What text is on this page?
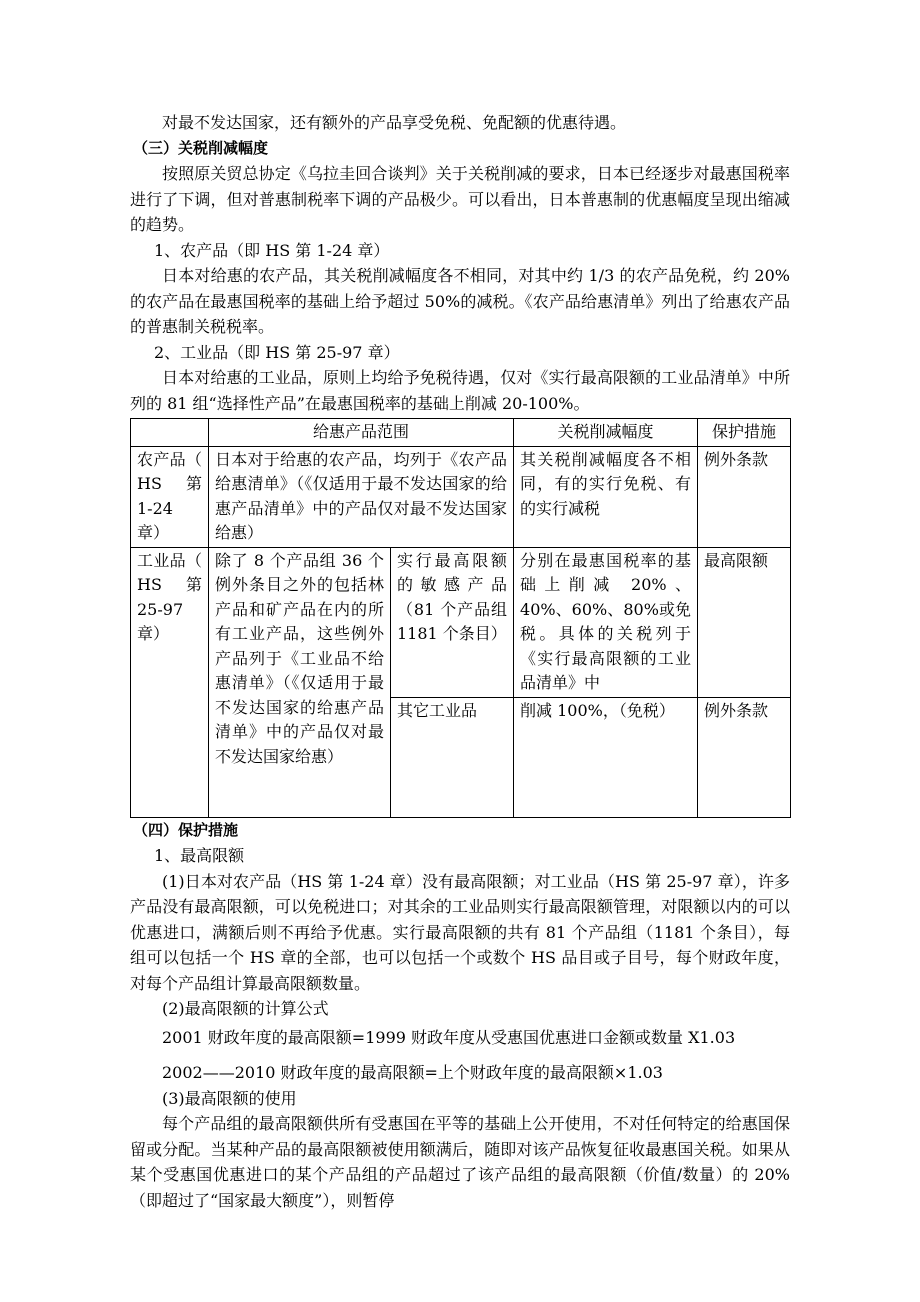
对最不发达国家，还有额外的产品享受免税、免配额的优惠待遇。

（三）关税削减幅度

按照原关贸总协定《乌拉圭回合谈判》关于关税削减的要求，日本已经逐步对最惠国税率进行了下调，但对普惠制税率下调的产品极少。可以看出，日本普惠制的优惠幅度呈现出缩减的趋势。

1、农产品（即 HS 第 1-24 章）

日本对给惠的农产品，其关税削减幅度各不相同，对其中约 1/3 的农产品免税，约 20%的农产品在最惠国税率的基础上给予超过 50%的减税。《农产品给惠清单》列出了给惠农产品的普惠制关税税率。

2、工业品（即 HS 第 25-97 章）

日本对给惠的工业品，原则上均给予免税待遇，仅对《实行最高限额的工业品清单》中所列的 81 组“选择性产品”在最惠国税率的基础上削减 20-100%。

	给惠产品范围		关税削减幅度	保护措施
农产品（ HS 第 1-24 章）	日本对于给惠的农产品，均列于《农产品给惠清单》（《仅适用于最不发达国家的给惠产品清单》中的产品仅对最不发达国家给惠）		其关税削减幅度各不相同，有的实行免税、有的实行减税	例外条款
工业品（ HS 第 25-97 章）	除了 8 个产品组 36 个例外条目之外的包括林产品和矿产品在内的所有工业产品，这些例外产品列于《工业品不给惠清单》（《仅适用于最不发达国家的给惠产品清单》中的产品仅对最不发达国家给惠）	实行最高限额的敏感产品（81 个产品组 1181 个条目）	分别在最惠国税率的基础上削减 20%、40%、60%、80%或免税。具体的关税列于《实行最高限额的工业品清单》中	最高限额
		其它工业品	削减 100%，（免税）	例外条款

（四）保护措施

1、最高限额

(1)日本对农产品（HS 第 1-24 章）没有最高限额；对工业品（HS 第 25-97 章），许多产品没有最高限额，可以免税进口；对其余的工业品则实行最高限额管理，对限额以内的可以优惠进口，满额后则不再给予优惠。实行最高限额的共有 81 个产品组（1181 个条目），每组可以包括一个 HS 章的全部，也可以包括一个或数个 HS 品目或子目号，每个财政年度，对每个产品组计算最高限额数量。

(2)最高限额的计算公式

2001 财政年度的最高限额=1999 财政年度从受惠国优惠进口金额或数量 X1.03

2002——2010 财政年度的最高限额=上个财政年度的最高限额×1.03

(3)最高限额的使用

每个产品组的最高限额供所有受惠国在平等的基础上公开使用，不对任何特定的给惠国保留或分配。当某种产品的最高限额被使用额满后，随即对该产品恢复征收最惠国关税。如果从某个受惠国优惠进口的某个产品组的产品超过了该产品组的最高限额（价值/数量）的 20%（即超过了“国家最大额度”），则暂停
